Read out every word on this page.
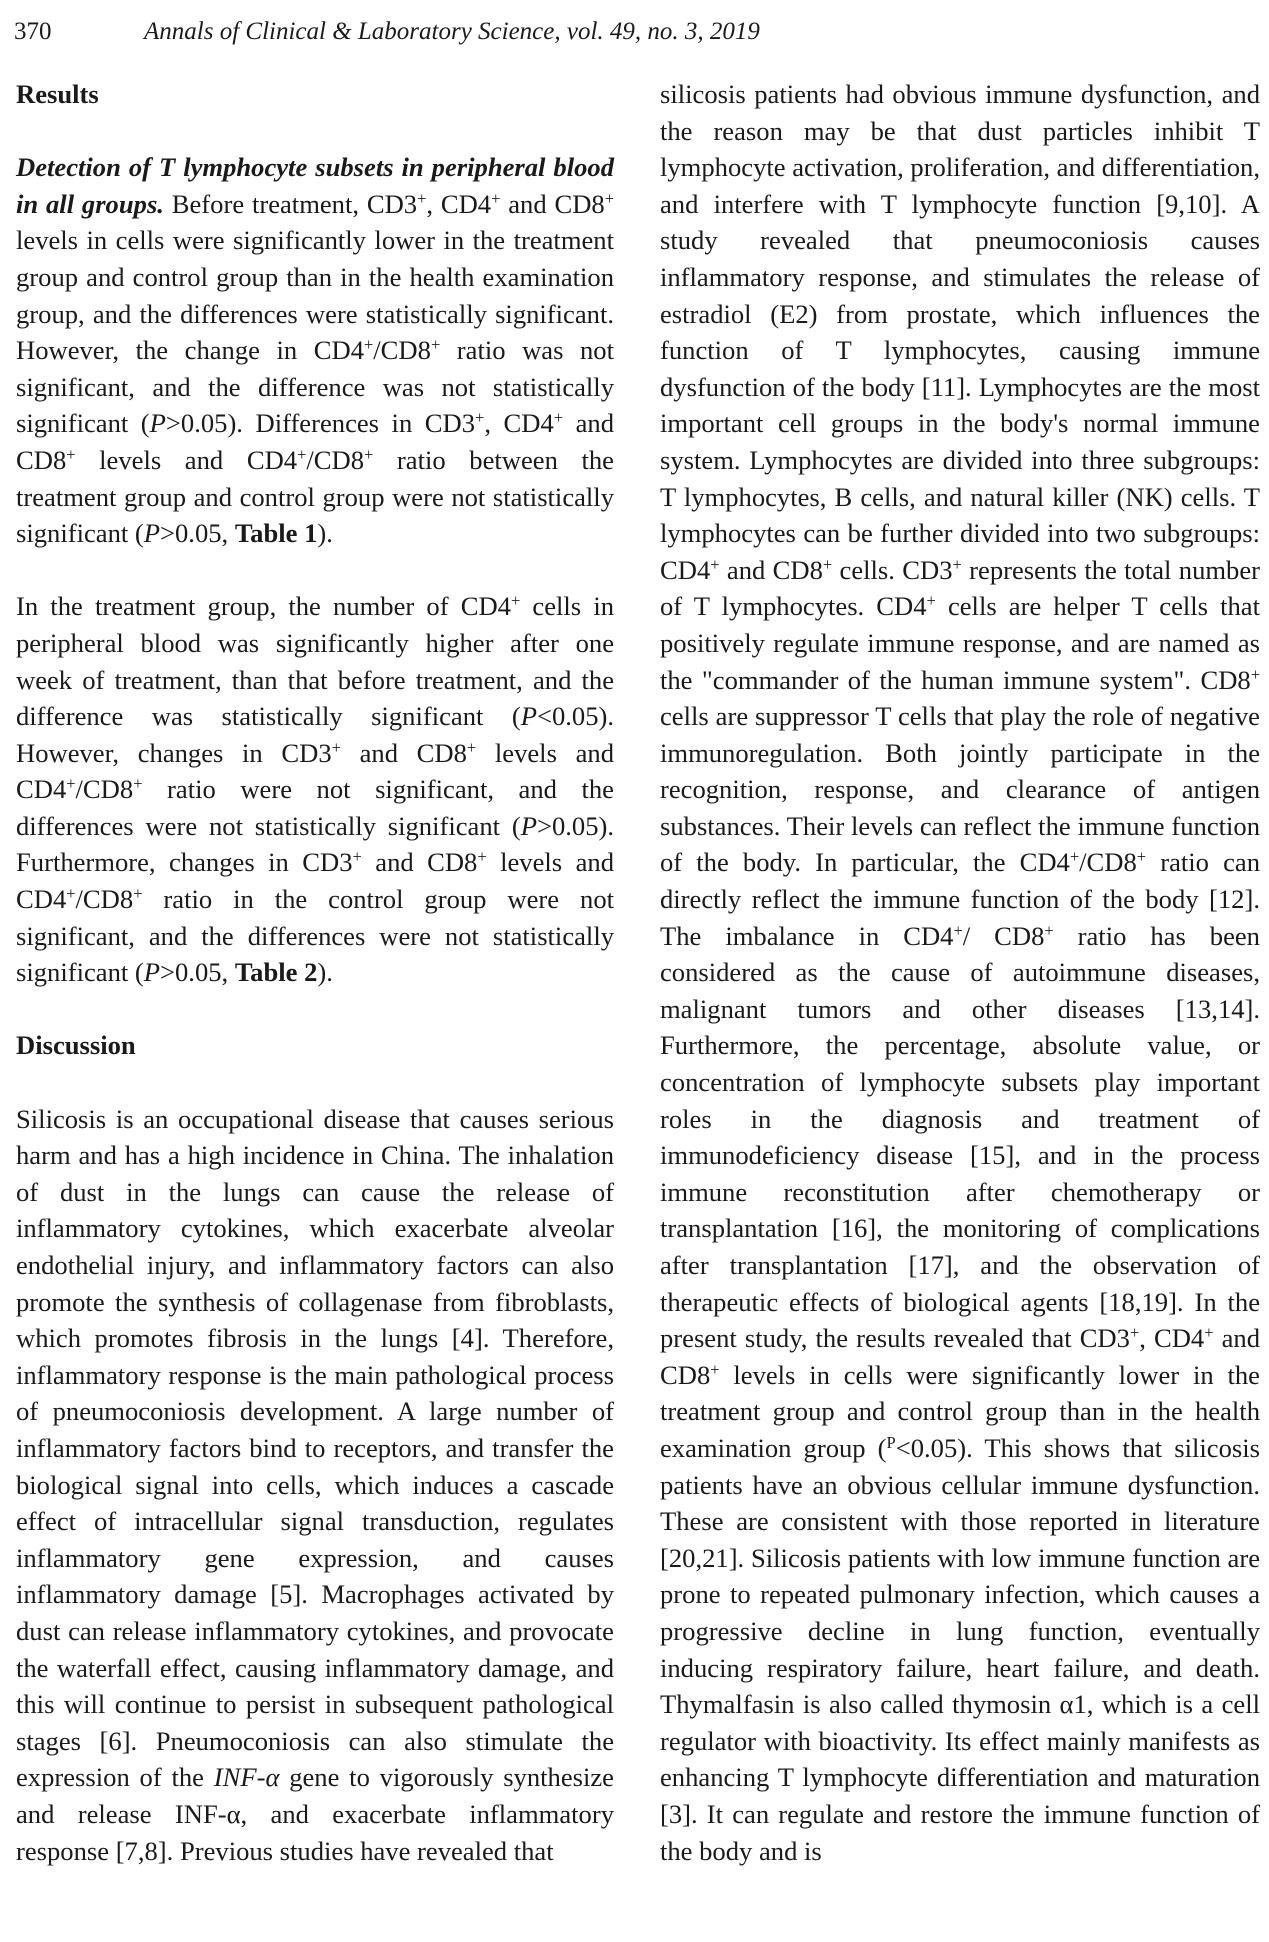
370	Annals of Clinical & Laboratory Science, vol. 49, no. 3, 2019
Results

Detection of T lymphocyte subsets in peripheral blood in all groups. Before treatment, CD3+, CD4+ and CD8+ levels in cells were significantly lower in the treatment group and control group than in the health examination group, and the differences were statistically significant. However, the change in CD4+/CD8+ ratio was not significant, and the difference was not statistically significant (P>0.05). Differences in CD3+, CD4+ and CD8+ levels and CD4+/CD8+ ratio between the treatment group and control group were not statistically significant (P>0.05, Table 1).

In the treatment group, the number of CD4+ cells in peripheral blood was significantly higher after one week of treatment, than that before treatment, and the difference was statistically significant (P<0.05). However, changes in CD3+ and CD8+ levels and CD4+/CD8+ ratio were not significant, and the differences were not statistically significant (P>0.05). Furthermore, changes in CD3+ and CD8+ levels and CD4+/CD8+ ratio in the control group were not significant, and the differences were not statistically significant (P>0.05, Table 2).

Discussion

Silicosis is an occupational disease that causes serious harm and has a high incidence in China. The inhalation of dust in the lungs can cause the release of inflammatory cytokines, which exacerbate alveolar endothelial injury, and inflammatory factors can also promote the synthesis of collagenase from fibroblasts, which promotes fibrosis in the lungs [4]. Therefore, inflammatory response is the main pathological process of pneumoconiosis development. A large number of inflammatory factors bind to receptors, and transfer the biological signal into cells, which induces a cascade effect of intracellular signal transduction, regulates inflammatory gene expression, and causes inflammatory damage [5]. Macrophages activated by dust can release inflammatory cytokines, and provocate the waterfall effect, causing inflammatory damage, and this will continue to persist in subsequent pathological stages [6]. Pneumoconiosis can also stimulate the expression of the INF-α gene to vigorously synthesize and release INF-α, and exacerbate inflammatory response [7,8]. Previous studies have revealed that

silicosis patients had obvious immune dysfunction, and the reason may be that dust particles inhibit T lymphocyte activation, proliferation, and differentiation, and interfere with T lymphocyte function [9,10]. A study revealed that pneumoconiosis causes inflammatory response, and stimulates the release of estradiol (E2) from prostate, which influences the function of T lymphocytes, causing immune dysfunction of the body [11]. Lymphocytes are the most important cell groups in the body's normal immune system. Lymphocytes are divided into three subgroups: T lymphocytes, B cells, and natural killer (NK) cells. T lymphocytes can be further divided into two subgroups: CD4+ and CD8+ cells. CD3+ represents the total number of T lymphocytes. CD4+ cells are helper T cells that positively regulate immune response, and are named as the "commander of the human immune system". CD8+ cells are suppressor T cells that play the role of negative immunoregulation. Both jointly participate in the recognition, response, and clearance of antigen substances. Their levels can reflect the immune function of the body. In particular, the CD4+/CD8+ ratio can directly reflect the immune function of the body [12]. The imbalance in CD4+/ CD8+ ratio has been considered as the cause of autoimmune diseases, malignant tumors and other diseases [13,14]. Furthermore, the percentage, absolute value, or concentration of lymphocyte subsets play important roles in the diagnosis and treatment of immunodeficiency disease [15], and in the process immune reconstitution after chemotherapy or transplantation [16], the monitoring of complications after transplantation [17], and the observation of therapeutic effects of biological agents [18,19]. In the present study, the results revealed that CD3+, CD4+ and CD8+ levels in cells were significantly lower in the treatment group and control group than in the health examination group ($^P$<0.05). This shows that silicosis patients have an obvious cellular immune dysfunction. These are consistent with those reported in literature [20,21]. Silicosis patients with low immune function are prone to repeated pulmonary infection, which causes a progressive decline in lung function, eventually inducing respiratory failure, heart failure, and death. Thymalfasin is also called thymosin α1, which is a cell regulator with bioactivity. Its effect mainly manifests as enhancing T lymphocyte differentiation and maturation [3]. It can regulate and restore the immune function of the body and is
